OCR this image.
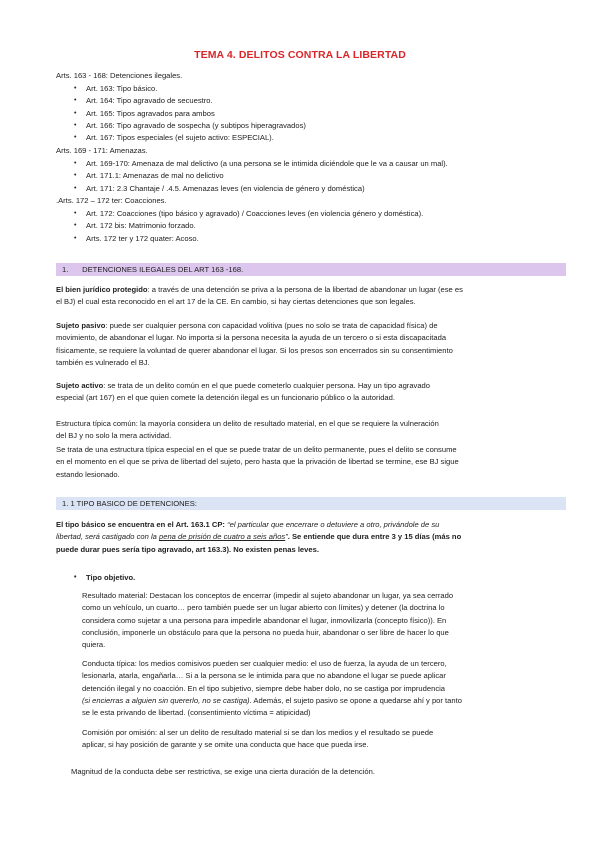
TEMA 4. DELITOS CONTRA LA LIBERTAD
Arts. 163 - 168: Detenciones ilegales.
• Art. 163: Tipo básico.
• Art. 164: Tipo agravado de secuestro.
• Art. 165: Tipos agravados para ambos
• Art. 166: Tipo agravado de sospecha (y subtipos hiperagravados)
• Art. 167: Tipos especiales (el sujeto activo: ESPECIAL).
Arts. 169 - 171: Amenazas.
• Art. 169-170: Amenaza de mal delictivo (a una persona se le intimida diciéndole que le va a causar un mal).
• Art. 171.1: Amenazas de mal no delictivo
• Art. 171: 2.3 Chantaje / .4.5. Amenazas leves (en violencia de género y doméstica)
.Arts. 172 – 172 ter: Coacciones.
• Art. 172: Coacciones (tipo básico y agravado) / Coacciones leves (en violencia género y doméstica).
• Art. 172 bis: Matrimonio forzado.
• Arts. 172 ter y 172 quater: Acoso.
1. DETENCIONES ILEGALES DEL ART 163 -168.
El bien jurídico protegido: a través de una detención se priva a la persona de la libertad de abandonar un lugar (ese es
el BJ) el cual esta reconocido en el art 17 de la CE. En cambio, si hay ciertas detenciones que son legales.
Sujeto pasivo: puede ser cualquier persona con capacidad volitiva (pues no solo se trata de capacidad física) de
movimiento, de abandonar el lugar. No importa si la persona necesita la ayuda de un tercero o si esta discapacitada
físicamente, se requiere la voluntad de querer abandonar el lugar. Si los presos son encerrados sin su consentimiento
también es vulnerado el BJ.
Sujeto activo: se trata de un delito común en el que puede cometerlo cualquier persona. Hay un tipo agravado
especial (art 167) en el que quien comete la detención ilegal es un funcionario público o la autoridad.
Estructura típica común: la mayoría considera un delito de resultado material, en el que se requiere la vulneración
del BJ y no solo la mera actividad.
Se trata de una estructura típica especial en el que se puede tratar de un delito permanente, pues el delito se consume
en el momento en el que se priva de libertad del sujeto, pero hasta que la privación de libertad se termine, ese BJ sigue
estando lesionado.
1. 1 TIPO BASICO DE DETENCIONES:
El tipo básico se encuentra en el Art. 163.1 CP: “el particular que encerrare o detuviere a otro, privándole de su
libertad, será castigado con la pena de prisión de cuatro a seis años”. Se entiende que dura entre 3 y 15 días (más no
puede durar pues sería tipo agravado, art 163.3). No existen penas leves.
• Tipo objetivo.
Resultado material: Destacan los conceptos de encerrar (impedir al sujeto abandonar un lugar, ya sea cerrado
como un vehículo, un cuarto… pero también puede ser un lugar abierto con límites) y detener (la doctrina lo
considera como sujetar a una persona para impedirle abandonar el lugar, inmovilizarla (concepto físico)). En
conclusión, imponerle un obstáculo para que la persona no pueda huir, abandonar o ser libre de hacer lo que
quiera.
Conducta típica: los medios comisivos pueden ser cualquier medio: el uso de fuerza, la ayuda de un tercero,
lesionarla, atarla, engañarla… Si a la persona se le intimida para que no abandone el lugar se puede aplicar
detención ilegal y no coacción. En el tipo subjetivo, siempre debe haber dolo, no se castiga por imprudencia
(si encierras a alguien sin quererlo, no se castiga). Además, el sujeto pasivo se opone a quedarse ahí y por tanto
se le esta privando de libertad. (consentimiento víctima = atipicidad)
Comisión por omisión: al ser un delito de resultado material si se dan los medios y el resultado se puede
aplicar, si hay posición de garante y se omite una conducta que hace que pueda irse.
Magnitud de la conducta debe ser restrictiva, se exige una cierta duración de la detención.
